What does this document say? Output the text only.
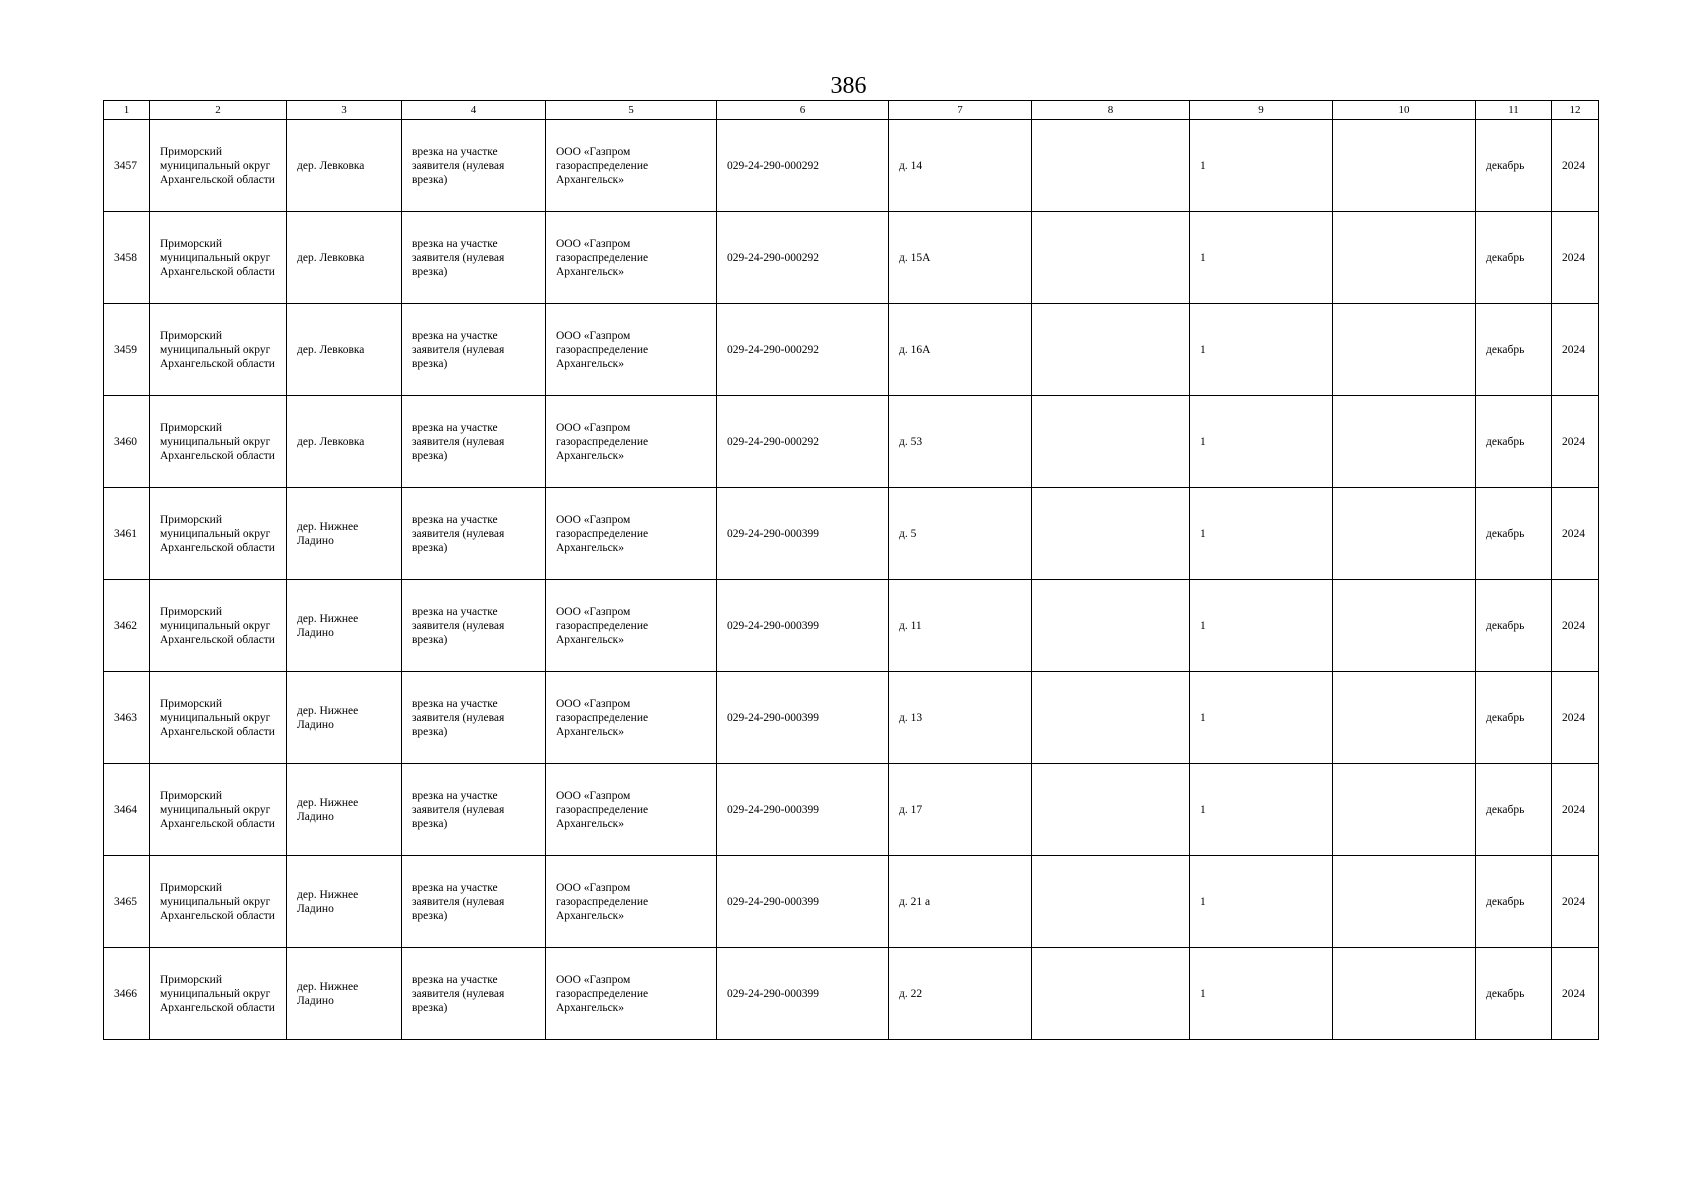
386
1	2	3	4	5	6	7	8	9	10	11	12
3457	Приморский муниципальный округ Архангельской области	дер. Левковка	врезка на участке заявителя (нулевая врезка)	ООО «Газпром газораспределение Архангельск»	029-24-290-000292	д. 14		1		декабрь	2024
3458	Приморский муниципальный округ Архангельской области	дер. Левковка	врезка на участке заявителя (нулевая врезка)	ООО «Газпром газораспределение Архангельск»	029-24-290-000292	д. 15А		1		декабрь	2024
3459	Приморский муниципальный округ Архангельской области	дер. Левковка	врезка на участке заявителя (нулевая врезка)	ООО «Газпром газораспределение Архангельск»	029-24-290-000292	д. 16А		1		декабрь	2024
3460	Приморский муниципальный округ Архангельской области	дер. Левковка	врезка на участке заявителя (нулевая врезка)	ООО «Газпром газораспределение Архангельск»	029-24-290-000292	д. 53		1		декабрь	2024
3461	Приморский муниципальный округ Архангельской области	дер. Нижнее Ладино	врезка на участке заявителя (нулевая врезка)	ООО «Газпром газораспределение Архангельск»	029-24-290-000399	д. 5		1		декабрь	2024
3462	Приморский муниципальный округ Архангельской области	дер. Нижнее Ладино	врезка на участке заявителя (нулевая врезка)	ООО «Газпром газораспределение Архангельск»	029-24-290-000399	д. 11		1		декабрь	2024
3463	Приморский муниципальный округ Архангельской области	дер. Нижнее Ладино	врезка на участке заявителя (нулевая врезка)	ООО «Газпром газораспределение Архангельск»	029-24-290-000399	д. 13		1		декабрь	2024
3464	Приморский муниципальный округ Архангельской области	дер. Нижнее Ладино	врезка на участке заявителя (нулевая врезка)	ООО «Газпром газораспределение Архангельск»	029-24-290-000399	д. 17		1		декабрь	2024
3465	Приморский муниципальный округ Архангельской области	дер. Нижнее Ладино	врезка на участке заявителя (нулевая врезка)	ООО «Газпром газораспределение Архангельск»	029-24-290-000399	д. 21 а		1		декабрь	2024
3466	Приморский муниципальный округ Архангельской области	дер. Нижнее Ладино	врезка на участке заявителя (нулевая врезка)	ООО «Газпром газораспределение Архангельск»	029-24-290-000399	д. 22		1		декабрь	2024
